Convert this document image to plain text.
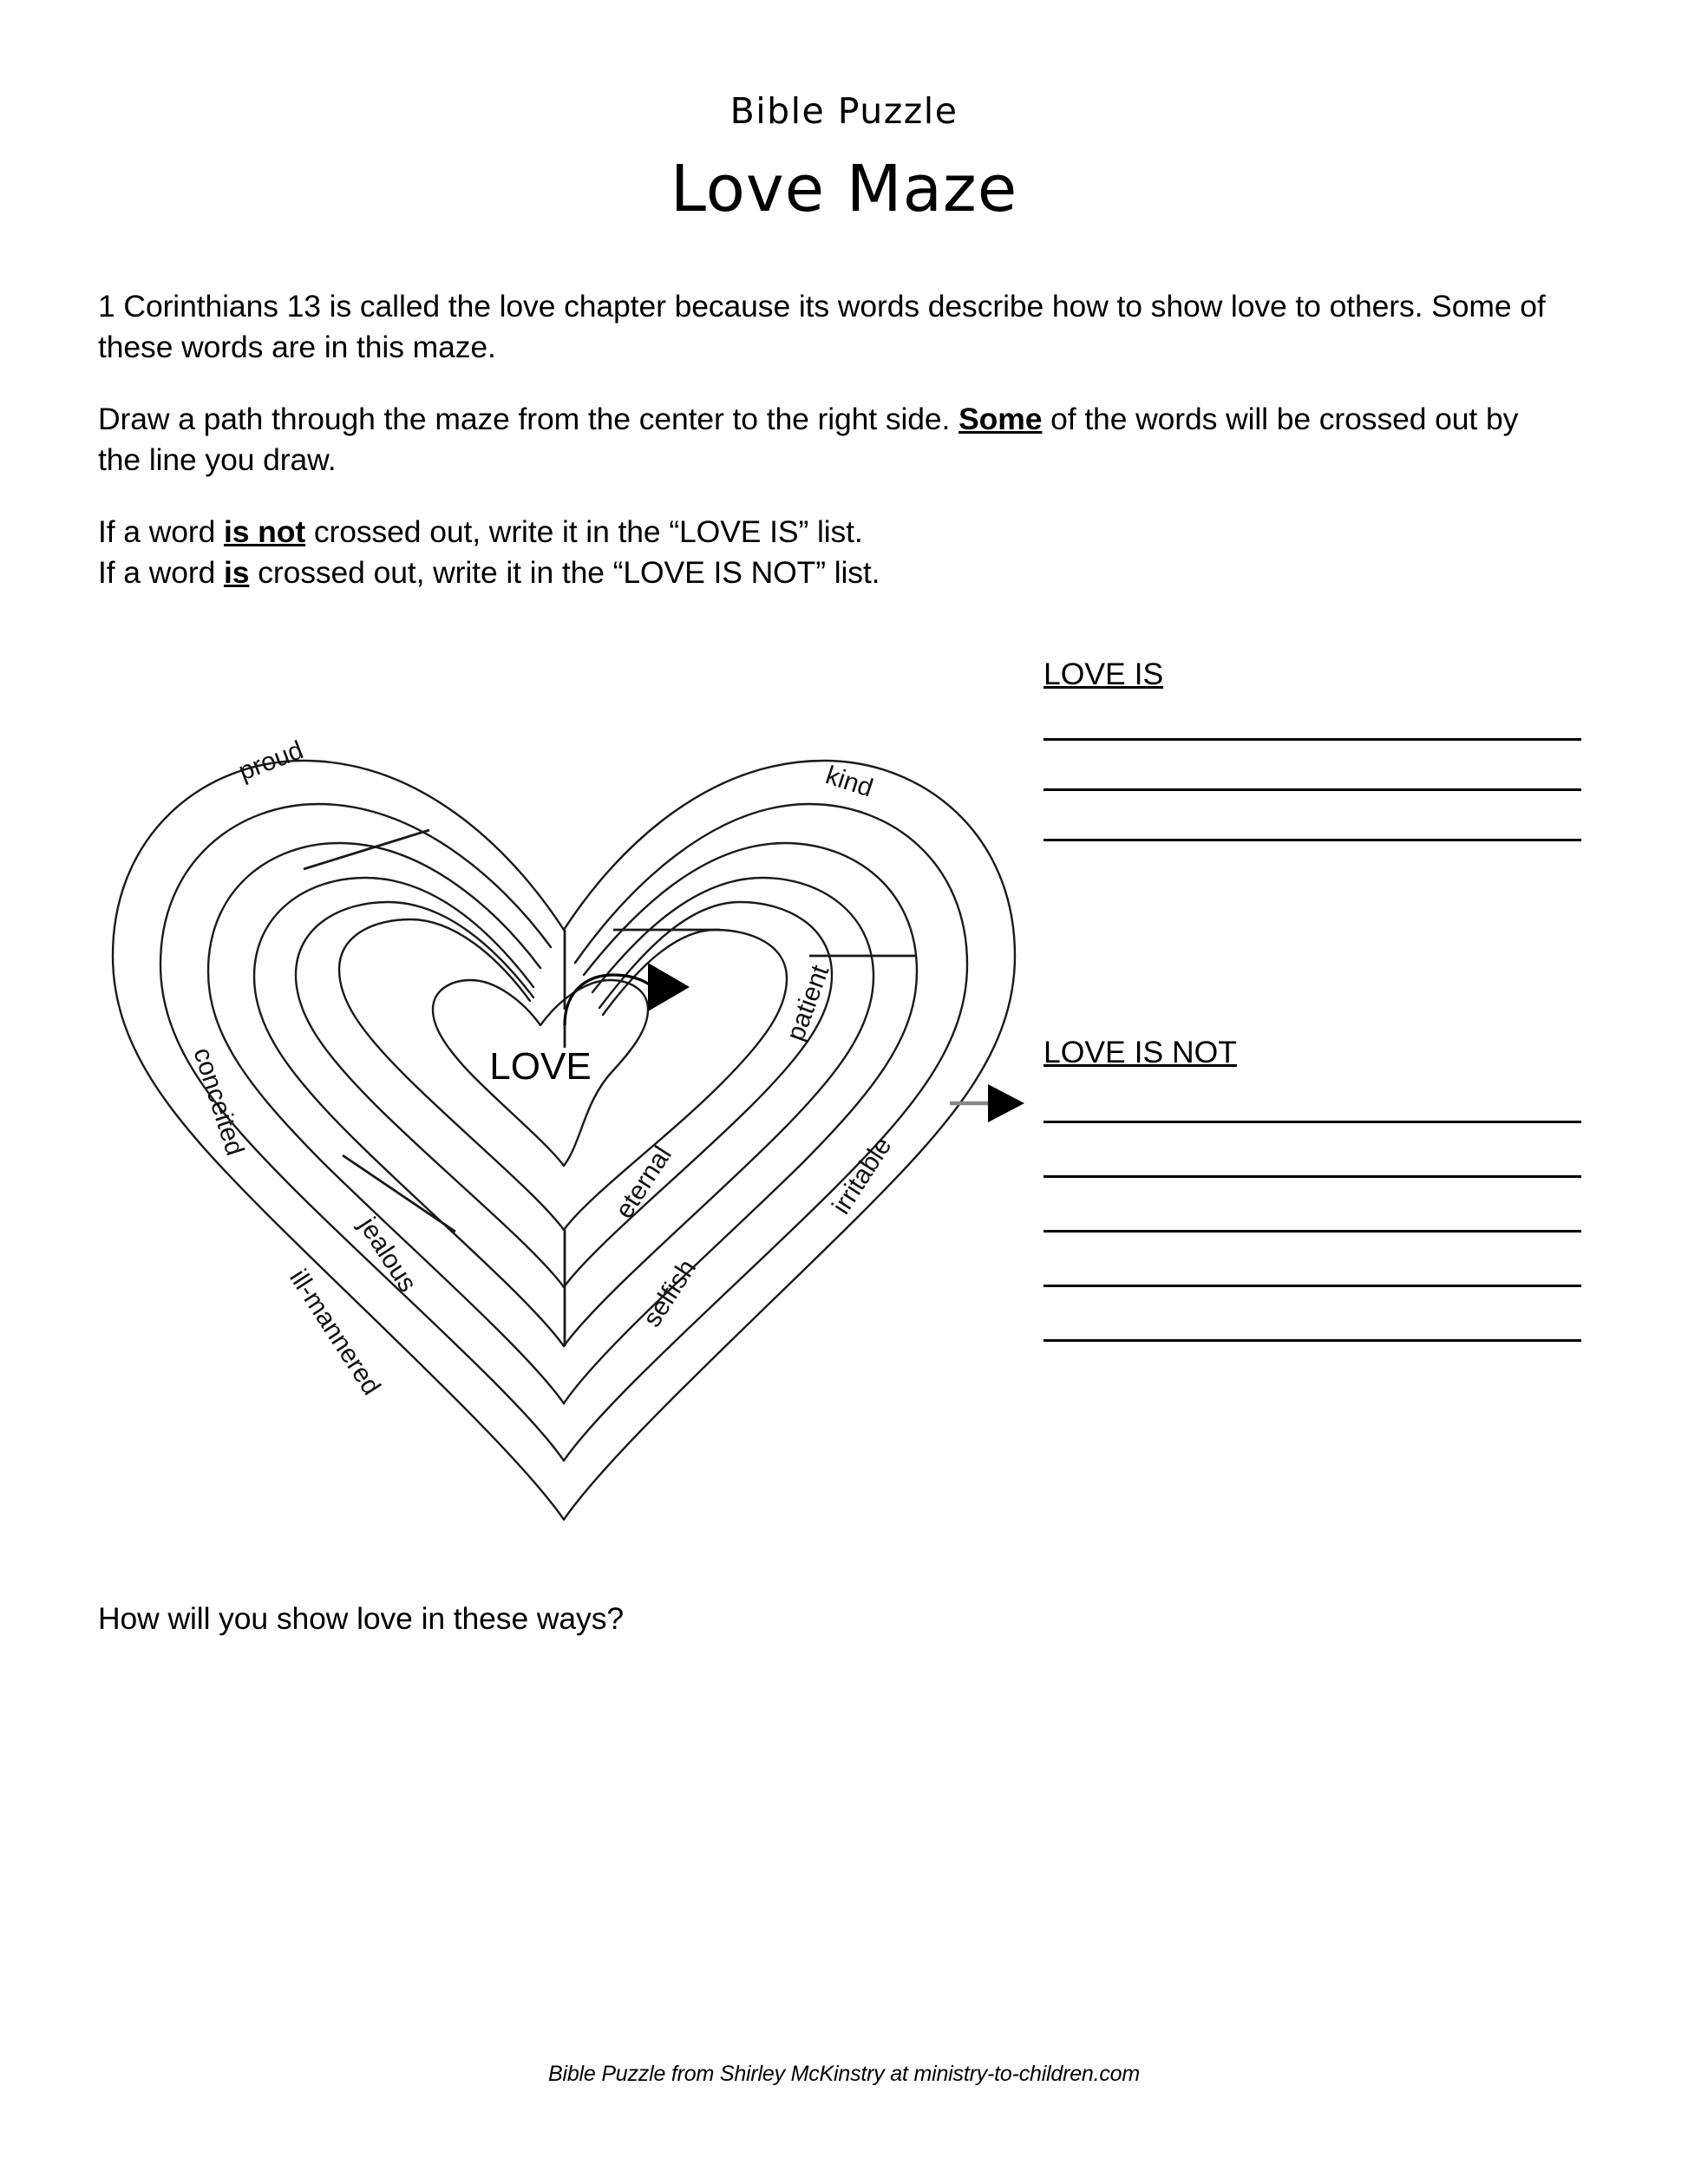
Bible Puzzle
Love Maze
1 Corinthians 13 is called the love chapter because its words describe how to show love to others. Some of these words are in this maze.
Draw a path through the maze from the center to the right side. Some of the words will be crossed out by the line you draw.
If a word is not crossed out, write it in the “LOVE IS” list.
If a word is crossed out, write it in the “LOVE IS NOT” list.
How will you show love in these ways?
proud	kind
conceited
jealous
ill-mannered
patient
irritable
eternal
selfish
LOVE
LOVE IS
LOVE IS NOT
Bible Puzzle from Shirley McKinstry at ministry-to-children.com
